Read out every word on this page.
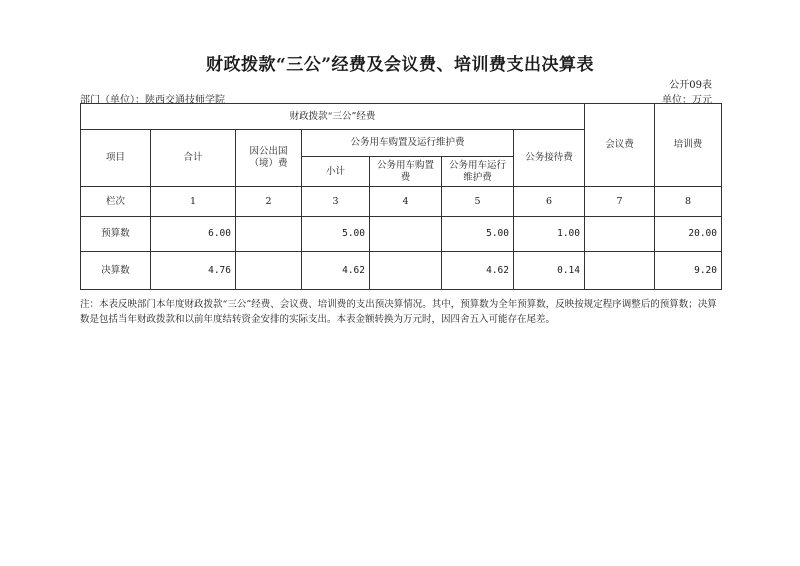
财政拨款“三公”经费及会议费、培训费支出决算表
公开09表
部门（单位）：陕西交通技师学院	单位：万元
财政拨款“三公”经费							会议费	培训费
项目	合计	因公出国（境）费	公务用车购置及运行维护费			公务接待费		
			小计	公务用车购置费	公务用车运行维护费			
栏次	1	2	3	4	5	6	7	8
预算数	6.00		5.00		5.00	1.00		20.00
决算数	4.76		4.62		4.62	0.14		9.20
注：本表反映部门本年度财政拨款“三公”经费、会议费、培训费的支出预决算情况。其中，预算数为全年预算数，反映按规定程序调整后的预算数；决算数是包括当年财政拨款和以前年度结转资金安排的实际支出。本表金额转换为万元时，因四舍五入可能存在尾差。
